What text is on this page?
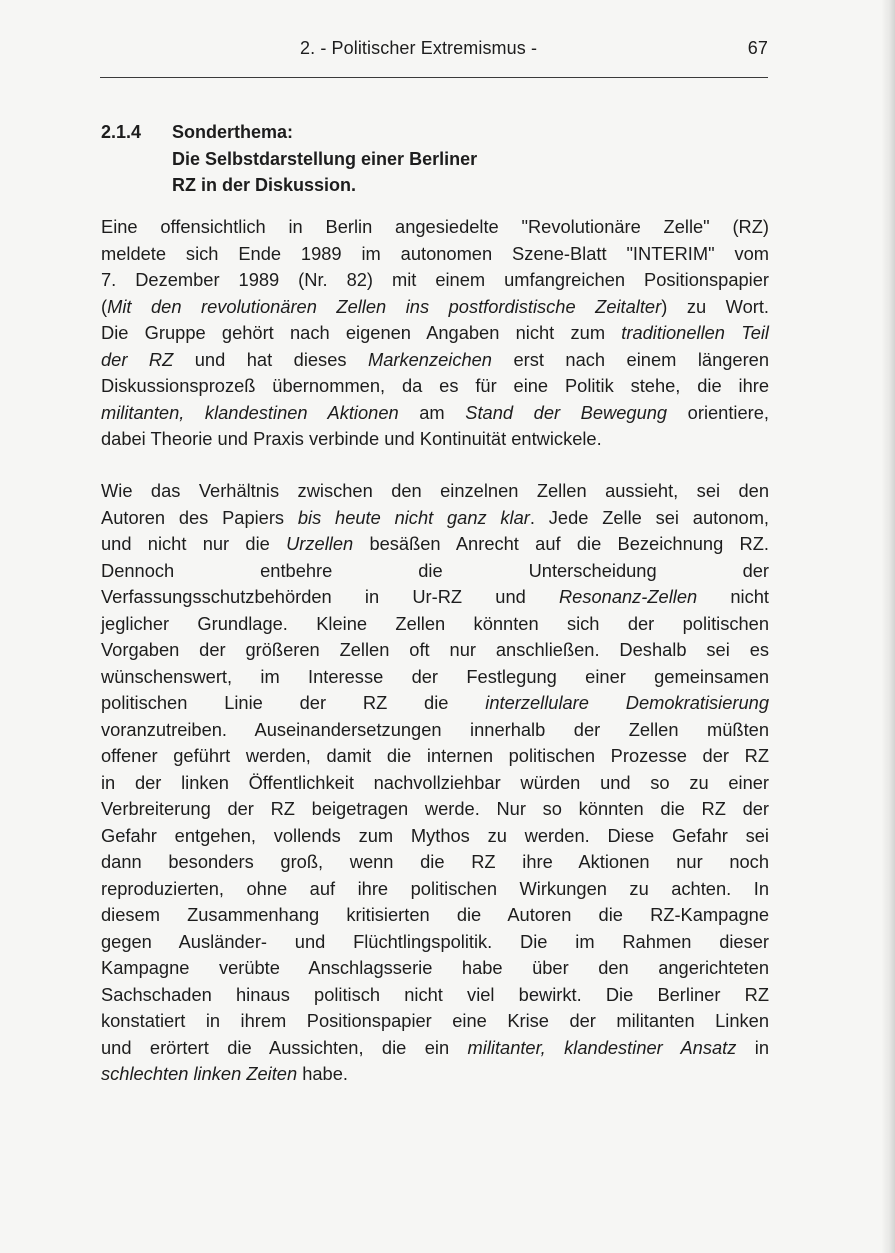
2. - Politischer Extremismus -	67
2.1.4 Sonderthema:
Die Selbstdarstellung einer Berliner
RZ in der Diskussion.
Eine offensichtlich in Berlin angesiedelte "Revolutionäre Zelle" (RZ)
meldete sich Ende 1989 im autonomen Szene-Blatt "INTERIM" vom
7. Dezember 1989 (Nr. 82) mit einem umfangreichen Positionspapier
(Mit den revolutionären Zellen ins postfordistische Zeitalter) zu Wort.
Die Gruppe gehört nach eigenen Angaben nicht zum traditionellen Teil
der RZ und hat dieses Markenzeichen erst nach einem längeren
Diskussionsprozeß übernommen, da es für eine Politik stehe, die ihre
militanten, klandestinen Aktionen am Stand der Bewegung orientiere,
dabei Theorie und Praxis verbinde und Kontinuität entwickele.
Wie das Verhältnis zwischen den einzelnen Zellen aussieht, sei den
Autoren des Papiers bis heute nicht ganz klar. Jede Zelle sei autonom,
und nicht nur die Urzellen besäßen Anrecht auf die Bezeichnung RZ.
Dennoch entbehre die Unterscheidung der
Verfassungsschutzbehörden in Ur-RZ und Resonanz-Zellen nicht
jeglicher Grundlage. Kleine Zellen könnten sich der politischen
Vorgaben der größeren Zellen oft nur anschließen. Deshalb sei es
wünschenswert, im Interesse der Festlegung einer gemeinsamen
politischen Linie der RZ die interzellulare Demokratisierung
voranzutreiben. Auseinandersetzungen innerhalb der Zellen müßten
offener geführt werden, damit die internen politischen Prozesse der RZ
in der linken Öffentlichkeit nachvollziehbar würden und so zu einer
Verbreiterung der RZ beigetragen werde. Nur so könnten die RZ der
Gefahr entgehen, vollends zum Mythos zu werden. Diese Gefahr sei
dann besonders groß, wenn die RZ ihre Aktionen nur noch
reproduzierten, ohne auf ihre politischen Wirkungen zu achten. In
diesem Zusammenhang kritisierten die Autoren die RZ-Kampagne
gegen Ausländer- und Flüchtlingspolitik. Die im Rahmen dieser
Kampagne verübte Anschlagsserie habe über den angerichteten
Sachschaden hinaus politisch nicht viel bewirkt. Die Berliner RZ
konstatiert in ihrem Positionspapier eine Krise der militanten Linken
und erörtert die Aussichten, die ein militanter, klandestiner Ansatz in
schlechten linken Zeiten habe.
